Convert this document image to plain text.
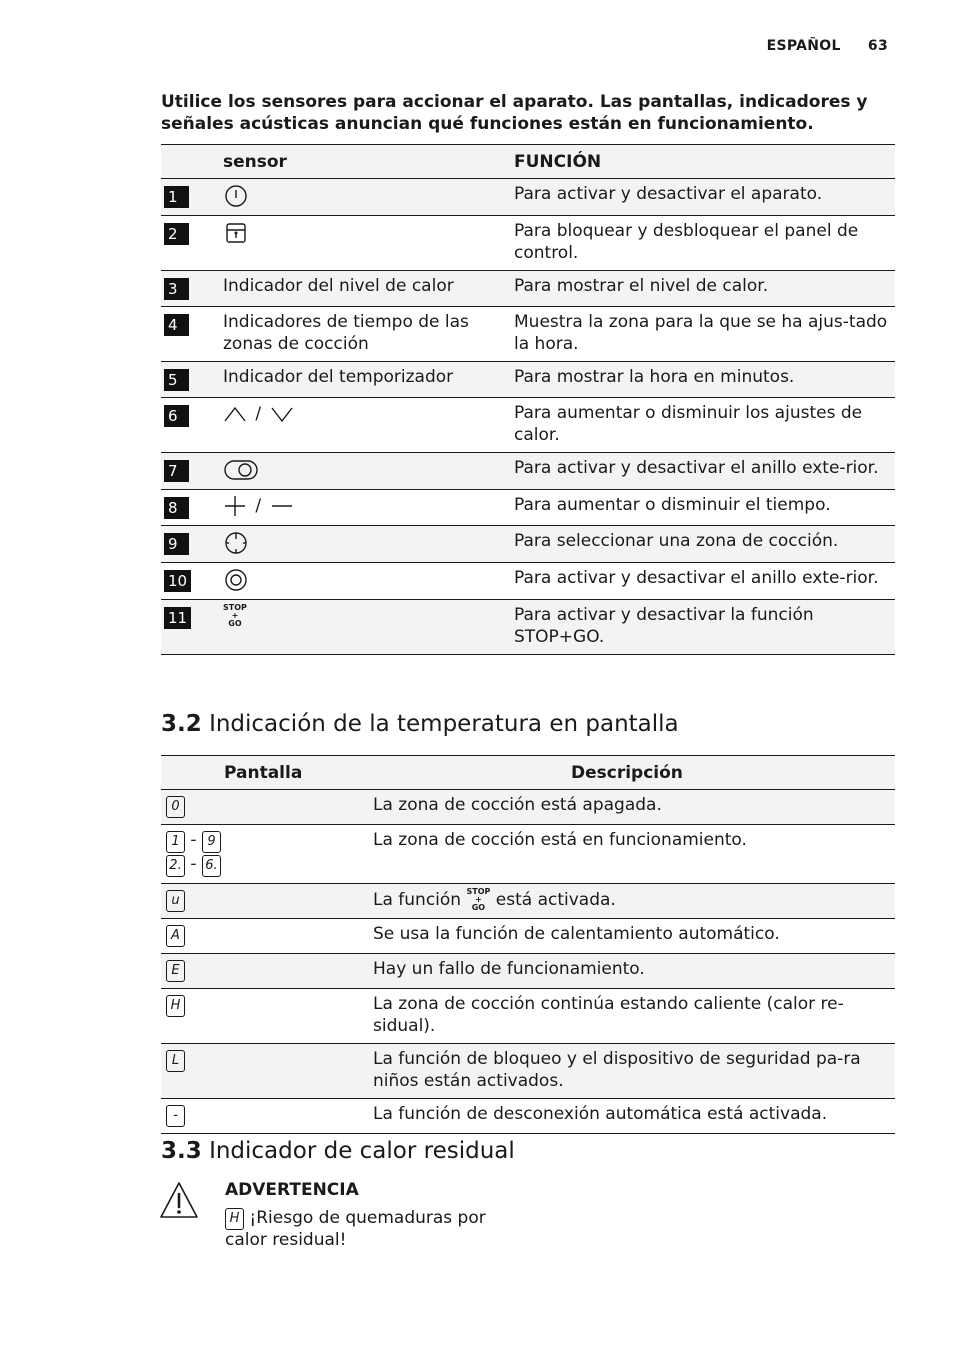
ESPAÑOL 63
Utilice los sensores para accionar el aparato. Las pantallas, indicadores y señales acústicas anuncian qué funciones están en funcionamiento.
	sensor	FUNCIÓN
1		Para activar y desactivar el aparato.
2		Para bloquear y desbloquear el panel de control.
3	Indicador del nivel de calor	Para mostrar el nivel de calor.
4	Indicadores de tiempo de las zonas de cocción	Muestra la zona para la que se ha ajus-tado la hora.
5	Indicador del temporizador	Para mostrar la hora en minutos.
6	/	Para aumentar o disminuir los ajustes de calor.
7		Para activar y desactivar el anillo exte-rior.
8	/	Para aumentar o disminuir el tiempo.
9		Para seleccionar una zona de cocción.
10		Para activar y desactivar el anillo exte-rior.
11	STOP
+
GO	Para activar y desactivar la función STOP+GO.
3.2 Indicación de la temperatura en pantalla
Pantalla	Descripción
0	La zona de cocción está apagada.
1 - 9
2. - 6.	La zona de cocción está en funcionamiento.
u	La función STOP
+
GO está activada.
A	Se usa la función de calentamiento automático.
E	Hay un fallo de funcionamiento.
H	La zona de cocción continúa estando caliente (calor re-sidual).
L	La función de bloqueo y el dispositivo de seguridad pa-ra niños están activados.
-	La función de desconexión automática está activada.
3.3 Indicador de calor residual
ADVERTENCIA
H ¡Riesgo de quemaduras por calor residual!
